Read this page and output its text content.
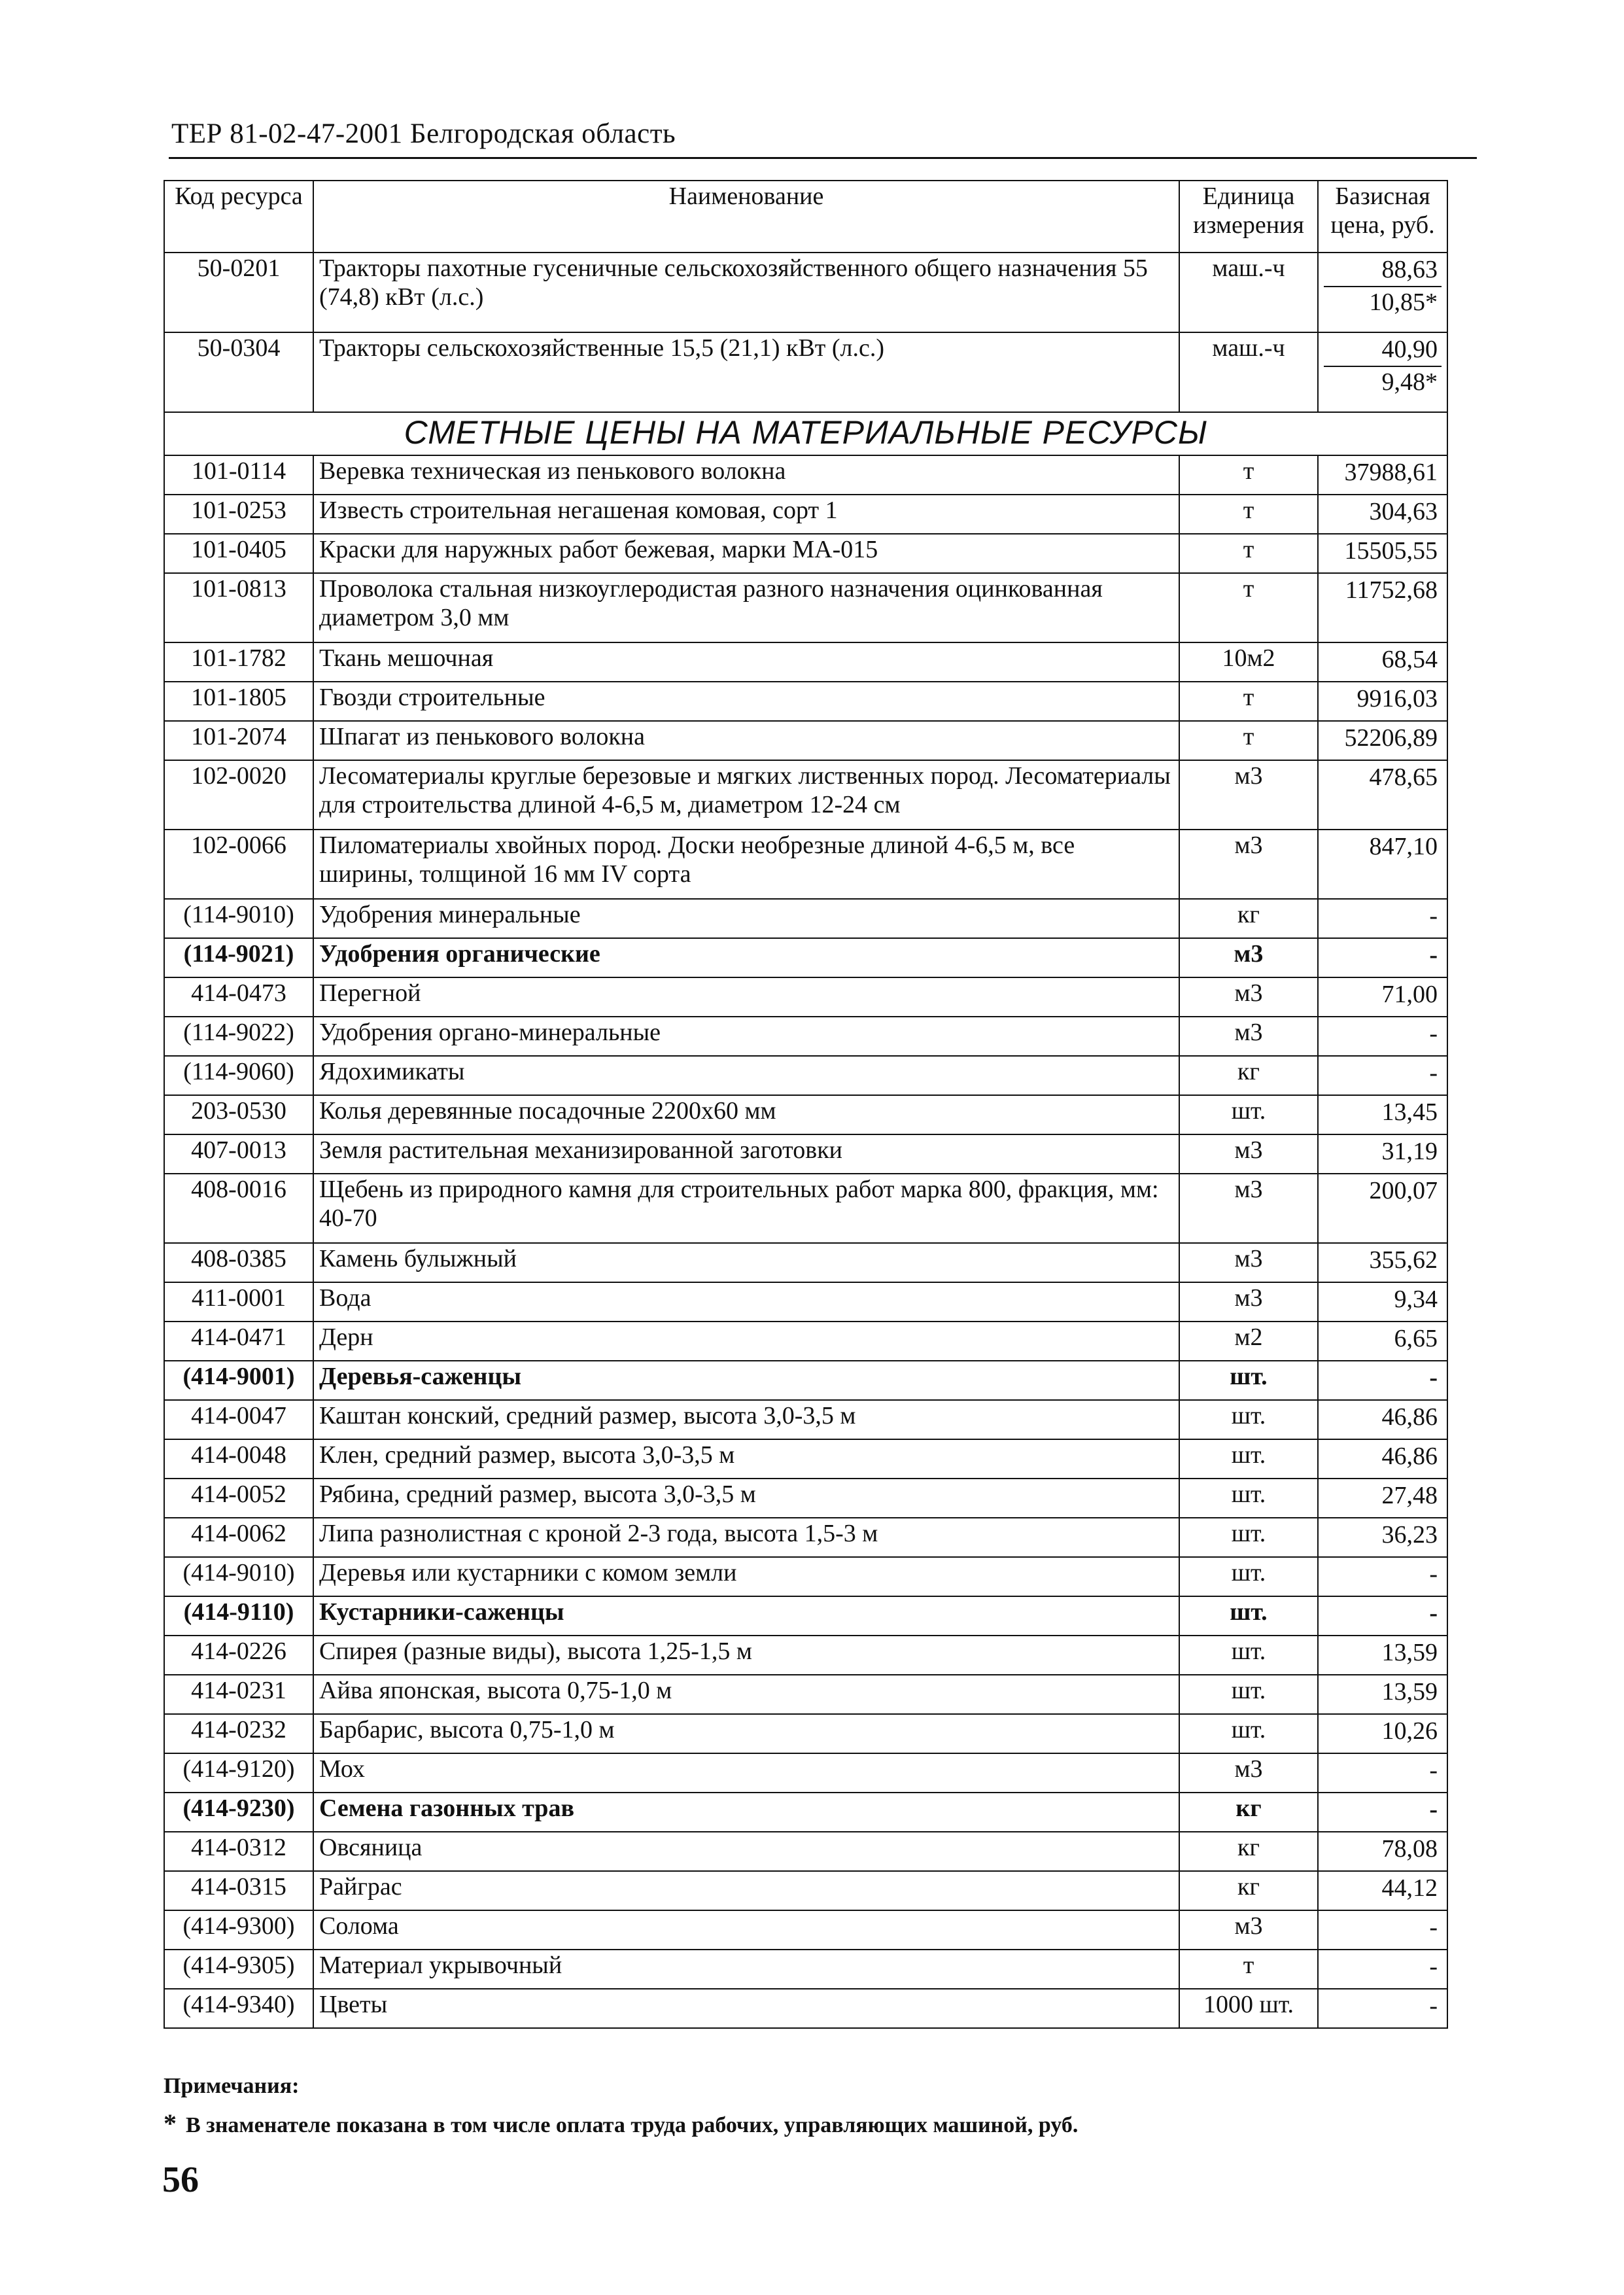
ТЕР 81-02-47-2001 Белгородская область
Код ресурса	Наименование	Единица измерения	Базисная цена, руб.
50-0201	Тракторы пахотные гусеничные сельскохозяйственного общего назначения 55 (74,8) кВт (л.с.)	маш.-ч	88,63
10,85*

50-0304	Тракторы сельскохозяйственные 15,5 (21,1) кВт (л.с.)	маш.-ч	40,90
9,48*

СМЕТНЫЕ ЦЕНЫ НА МАТЕРИАЛЬНЫЕ РЕСУРСЫ			
101-0114	Веревка техническая из пенькового волокна	т	37988,61

101-0253	Известь строительная негашеная комовая, сорт 1	т	304,63

101-0405	Краски для наружных работ бежевая, марки МА-015	т	15505,55

101-0813	Проволока стальная низкоуглеродистая разного назначения оцинкованная диаметром 3,0 мм	т	11752,68

101-1782	Ткань мешочная	10м2	68,54

101-1805	Гвозди строительные	т	9916,03

101-2074	Шпагат из пенькового волокна	т	52206,89

102-0020	Лесоматериалы круглые березовые и мягких лиственных пород. Лесоматериалы для строительства длиной 4-6,5 м, диаметром 12-24 см	м3	478,65

102-0066	Пиломатериалы хвойных пород. Доски необрезные длиной 4-6,5 м, все ширины, толщиной 16 мм IV сорта	м3	847,10

(114-9010)	Удобрения минеральные	кг	-

(114-9021)	Удобрения органические	м3	-

414-0473	Перегной	м3	71,00

(114-9022)	Удобрения органо-минеральные	м3	-

(114-9060)	Ядохимикаты	кг	-

203-0530	Колья деревянные посадочные 2200х60 мм	шт.	13,45

407-0013	Земля растительная механизированной заготовки	м3	31,19

408-0016	Щебень из природного камня для строительных работ марка 800, фракция, мм: 40-70	м3	200,07

408-0385	Камень булыжный	м3	355,62

411-0001	Вода	м3	9,34

414-0471	Дерн	м2	6,65

(414-9001)	Деревья-саженцы	шт.	-

414-0047	Каштан конский, средний размер, высота 3,0-3,5 м	шт.	46,86

414-0048	Клен, средний размер, высота 3,0-3,5 м	шт.	46,86

414-0052	Рябина, средний размер, высота 3,0-3,5 м	шт.	27,48

414-0062	Липа разнолистная с кроной 2-3 года, высота 1,5-3 м	шт.	36,23

(414-9010)	Деревья или кустарники с комом земли	шт.	-

(414-9110)	Кустарники-саженцы	шт.	-

414-0226	Спирея (разные виды), высота 1,25-1,5 м	шт.	13,59

414-0231	Айва японская, высота 0,75-1,0 м	шт.	13,59

414-0232	Барбарис, высота 0,75-1,0 м	шт.	10,26

(414-9120)	Мох	м3	-

(414-9230)	Семена газонных трав	кг	-

414-0312	Овсяница	кг	78,08

414-0315	Райграс	кг	44,12

(414-9300)	Солома	м3	-

(414-9305)	Материал укрывочный	т	-

(414-9340)	Цветы	1000 шт.	-
Примечания:
* В знаменателе показана в том числе оплата труда рабочих, управляющих машиной, руб.
56
